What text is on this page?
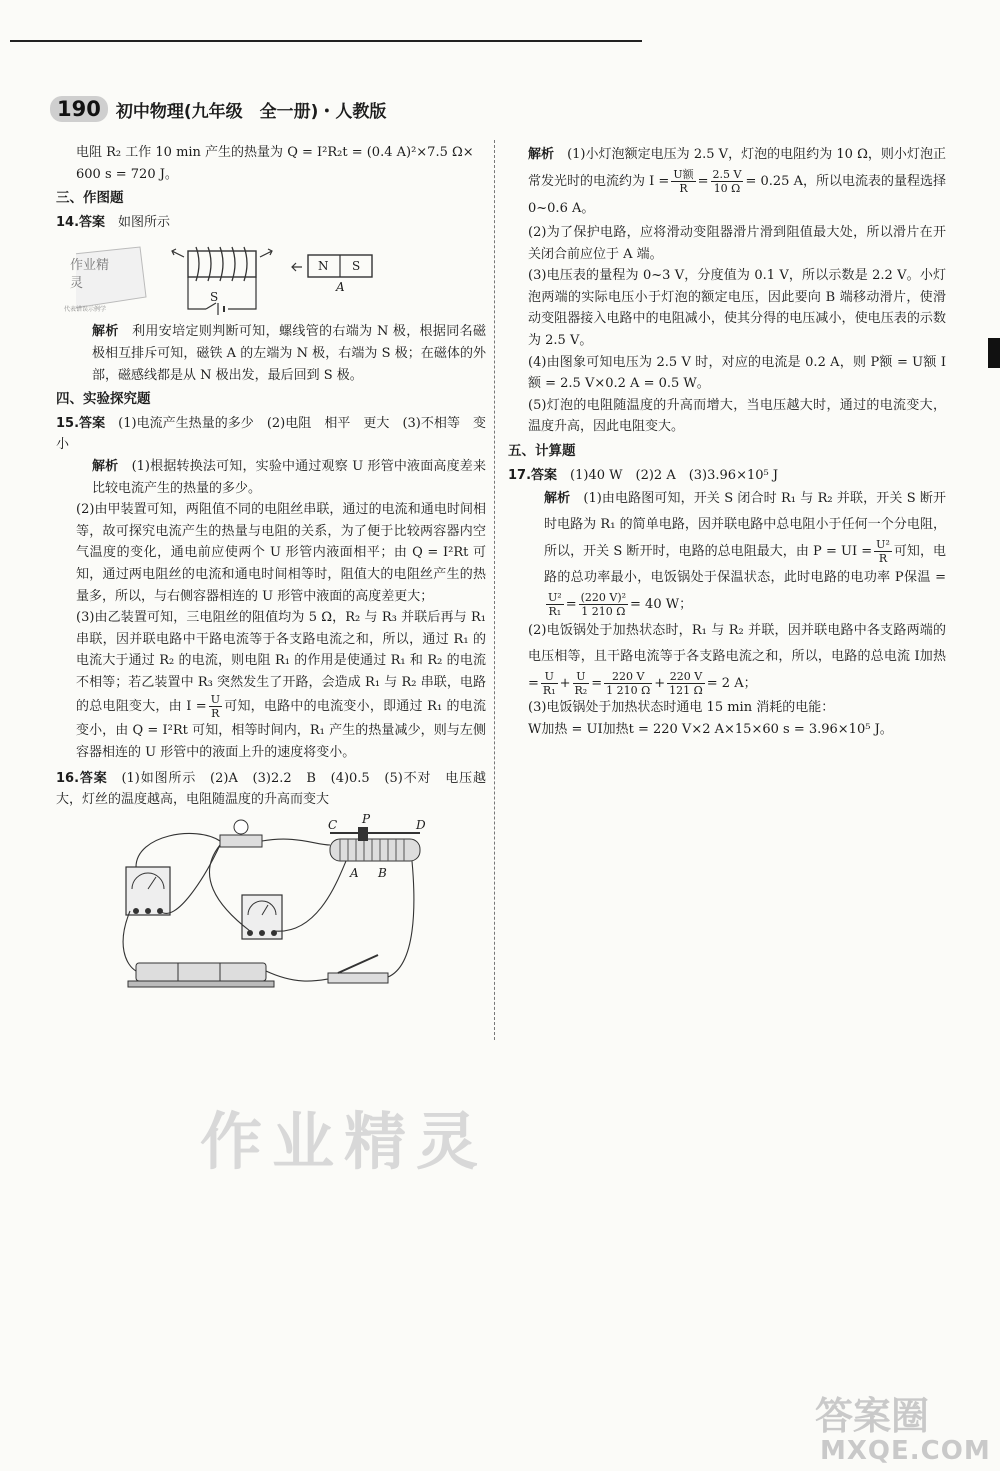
190 初中物理(九年级　全一册)・人教版

电阻 R₂ 工作 10 min 产生的热量为 Q = I²R₂t = (0.4 A)²×7.5 Ω×

600 s = 720 J。

三、作图题

14.答案　 如图所示

作业精灵
代表错误示例学
N S
A
S

解析　 利用安培定则判断可知，螺线管的右端为 N 极，根据同名磁极相互排斥可知，磁铁 A 的左端为 N 极，右端为 S 极；在磁体的外部，磁感线都是从 N 极出发，最后回到 S 极。

四、实验探究题

15.答案　 (1)电流产生热量的多少　(2)电阻　相平　更大　(3)不相等　变小

解析　 (1)根据转换法可知，实验中通过观察 U 形管中液面高度差来比较电流产生的热量的多少。

(2)由甲装置可知，两阻值不同的电阻丝串联，通过的电流和通电时间相等，故可探究电流产生的热量与电阻的关系，为了便于比较两容器内空气温度的变化，通电前应使两个 U 形管内液面相平；由 Q = I²Rt 可知，通过两电阻丝的电流和通电时间相等时，阻值大的电阻丝产生的热量多，所以，与右侧容器相连的 U 形管中液面的高度差更大；

(3)由乙装置可知，三电阻丝的阻值均为 5 Ω，R₂ 与 R₃ 并联后再与 R₁ 串联，因并联电路中干路电流等于各支路电流之和，所以，通过 R₁ 的电流大于通过 R₂ 的电流，则电阻 R₁ 的作用是使通过 R₁ 和 R₂ 的电流不相等；若乙装置中 R₃ 突然发生了开路，会造成 R₁ 与 R₂ 串联，电路的总电阻变大，由 $I = \frac{U}{R}$ 可知，电路中的电流变小，即通过 R₁ 的电流变小，由 Q = I²Rt 可知，相等时间内，R₁ 产生的热量减少，则与左侧容器相连的 U 形管中的液面上升的速度将变小。

16.答案　 (1)如图所示　(2)A　(3)2.2　B　(4)0.5　(5)不对　电压越大，灯丝的温度越高，电阻随温度的升高而变大

C P	D
A B

解析　 (1)小灯泡额定电压为 2.5 V，灯泡的电阻约为 10 Ω，则小灯泡正常发光时的电流约为 $I = \frac{\text{U额}}{R} = \frac{2.5 V}{10 \Omega} = 0.25$ A，所以电流表的量程选择 0~0.6 A。

(2)为了保护电路，应将滑动变阻器滑片滑到阻值最大处，所以滑片在开关闭合前应位于 A 端。

(3)电压表的量程为 0~3 V，分度值为 0.1 V，所以示数是 2.2 V。小灯泡两端的实际电压小于灯泡的额定电压，因此要向 B 端移动滑片，使滑动变阻器接入电路中的电阻减小，使其分得的电压减小，使电压表的示数为 2.5 V。

(4)由图象可知电压为 2.5 V 时，对应的电流是 0.2 A，则 P额 = U额 I额 = 2.5 V×0.2 A = 0.5 W。

(5)灯泡的电阻随温度的升高而增大，当电压越大时，通过的电流变大，温度升高，因此电阻变大。

五、计算题

17.答案　 (1)40 W　(2)2 A　(3)3.96×10⁵ J

解析　 (1)由电路图可知，开关 S 闭合时 R₁ 与 R₂ 并联，开关 S 断开时电路为 R₁ 的简单电路，因并联电路中总电阻小于任何一个分电阻，所以，开关 S 断开时，电路的总电阻最大，由 P = UI = $\frac{\text{U²}}{R}$ 可知，电路的总功率最小，电饭锅处于保温状态，此时电路的电功率 P保温 =
$\frac{\text{U²}}{\text{R₁}} = \frac{\text{(220 V)²}}{1 210 \Omega} = 40$ W；

(2)电饭锅处于加热状态时，R₁ 与 R₂ 并联，因并联电路中各支路两端的电压相等，且干路电流等于各支路电流之和，所以，电路的总电流 I加热 = $\frac{U}{\text{R₁}} + \frac{U}{\text{R₂}} = \frac{220 V}{1 210 \Omega} + \frac{220 V}{121 \Omega} = 2$ A；

(3)电饭锅处于加热状态时通电 15 min 消耗的电能：

W加热 = UI加热t = 220 V×2 A×15×60 s = 3.96×10⁵ J。

作业精灵
答案圈
MXQE.COM
